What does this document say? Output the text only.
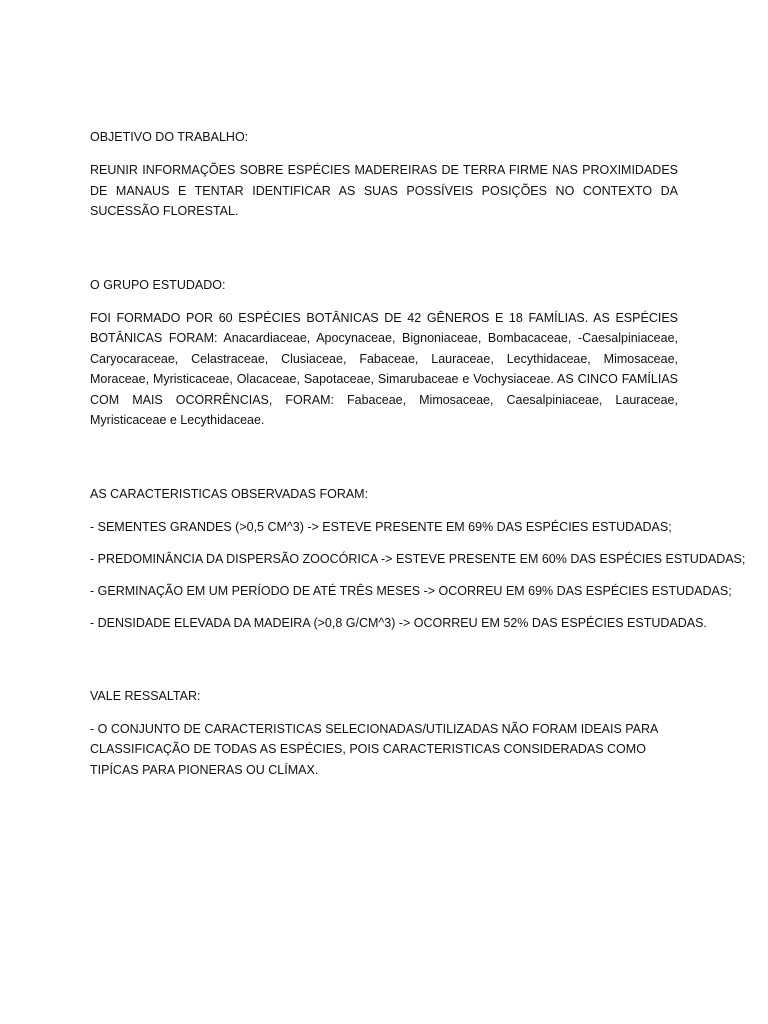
OBJETIVO DO TRABALHO:

REUNIR INFORMAÇÕES SOBRE ESPÉCIES MADEREIRAS DE TERRA FIRME NAS PROXIMIDADES DE MANAUS E TENTAR IDENTIFICAR AS SUAS POSSÍVEIS POSIÇÕES NO CONTEXTO DA SUCESSÃO FLORESTAL.

O GRUPO ESTUDADO:

FOI FORMADO POR 60 ESPÉCIES BOTÂNICAS DE 42 GÊNEROS E 18 FAMÍLIAS. AS ESPÉCIES BOTÂNICAS FORAM: Anacardiaceae, Apocynaceae, Bignoniaceae, Bombacaceae, -Caesalpiniaceae, Caryocaraceae, Celastraceae, Clusiaceae, Fabaceae, Lauraceae, Lecythidaceae, Mimosaceae, Moraceae, Myristicaceae, Olacaceae, Sapotaceae, Simarubaceae e Vochysiaceae. AS CINCO FAMÍLIAS COM MAIS OCORRÊNCIAS, FORAM: Fabaceae, Mimosaceae, Caesalpiniaceae, Lauraceae, Myristicaceae e Lecythidaceae.

AS CARACTERISTICAS OBSERVADAS FORAM:

- SEMENTES GRANDES (>0,5 CM^3) -> ESTEVE PRESENTE EM 69% DAS ESPÉCIES ESTUDADAS;

- PREDOMINÂNCIA DA DISPERSÃO ZOOCÓRICA -> ESTEVE PRESENTE EM 60% DAS ESPÉCIES ESTUDADAS;

- GERMINAÇÃO EM UM PERÍODO DE ATÉ TRÊS MESES -> OCORREU EM 69% DAS ESPÉCIES ESTUDADAS;

- DENSIDADE ELEVADA DA MADEIRA (>0,8 G/CM^3) -> OCORREU EM 52% DAS ESPÉCIES ESTUDADAS.

VALE RESSALTAR:

- O CONJUNTO DE CARACTERISTICAS SELECIONADAS/UTILIZADAS NÃO FORAM IDEAIS PARA CLASSIFICAÇÃO DE TODAS AS ESPÉCIES, POIS CARACTERISTICAS CONSIDERADAS COMO TIPÍCAS PARA PIONERAS OU CLÍMAX.
